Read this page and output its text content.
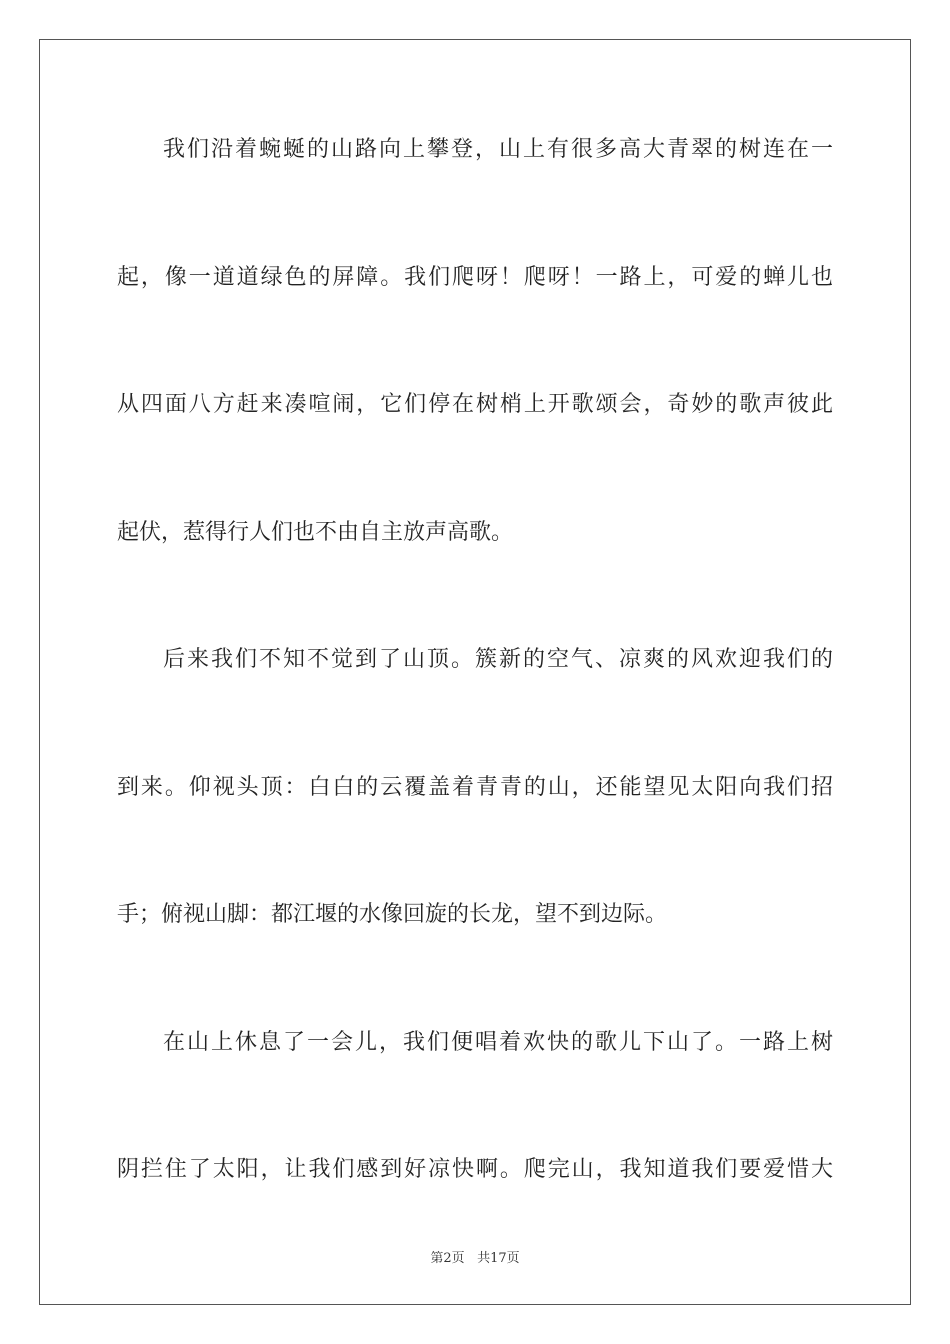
我们沿着蜿蜒的山路向上攀登，山上有很多高大青翠的树连在一
起，像一道道绿色的屏障。我们爬呀！爬呀！一路上，可爱的蝉儿也
从四面八方赶来凑喧闹，它们停在树梢上开歌颂会，奇妙的歌声彼此
起伏，惹得行人们也不由自主放声高歌。
后来我们不知不觉到了山顶。簇新的空气、凉爽的风欢迎我们的
到来。仰视头顶：白白的云覆盖着青青的山，还能望见太阳向我们招
手；俯视山脚：都江堰的水像回旋的长龙，望不到边际。
在山上休息了一会儿，我们便唱着欢快的歌儿下山了。一路上树
阴拦住了太阳，让我们感到好凉快啊。爬完山，我知道我们要爱惜大
第2页 共17页
